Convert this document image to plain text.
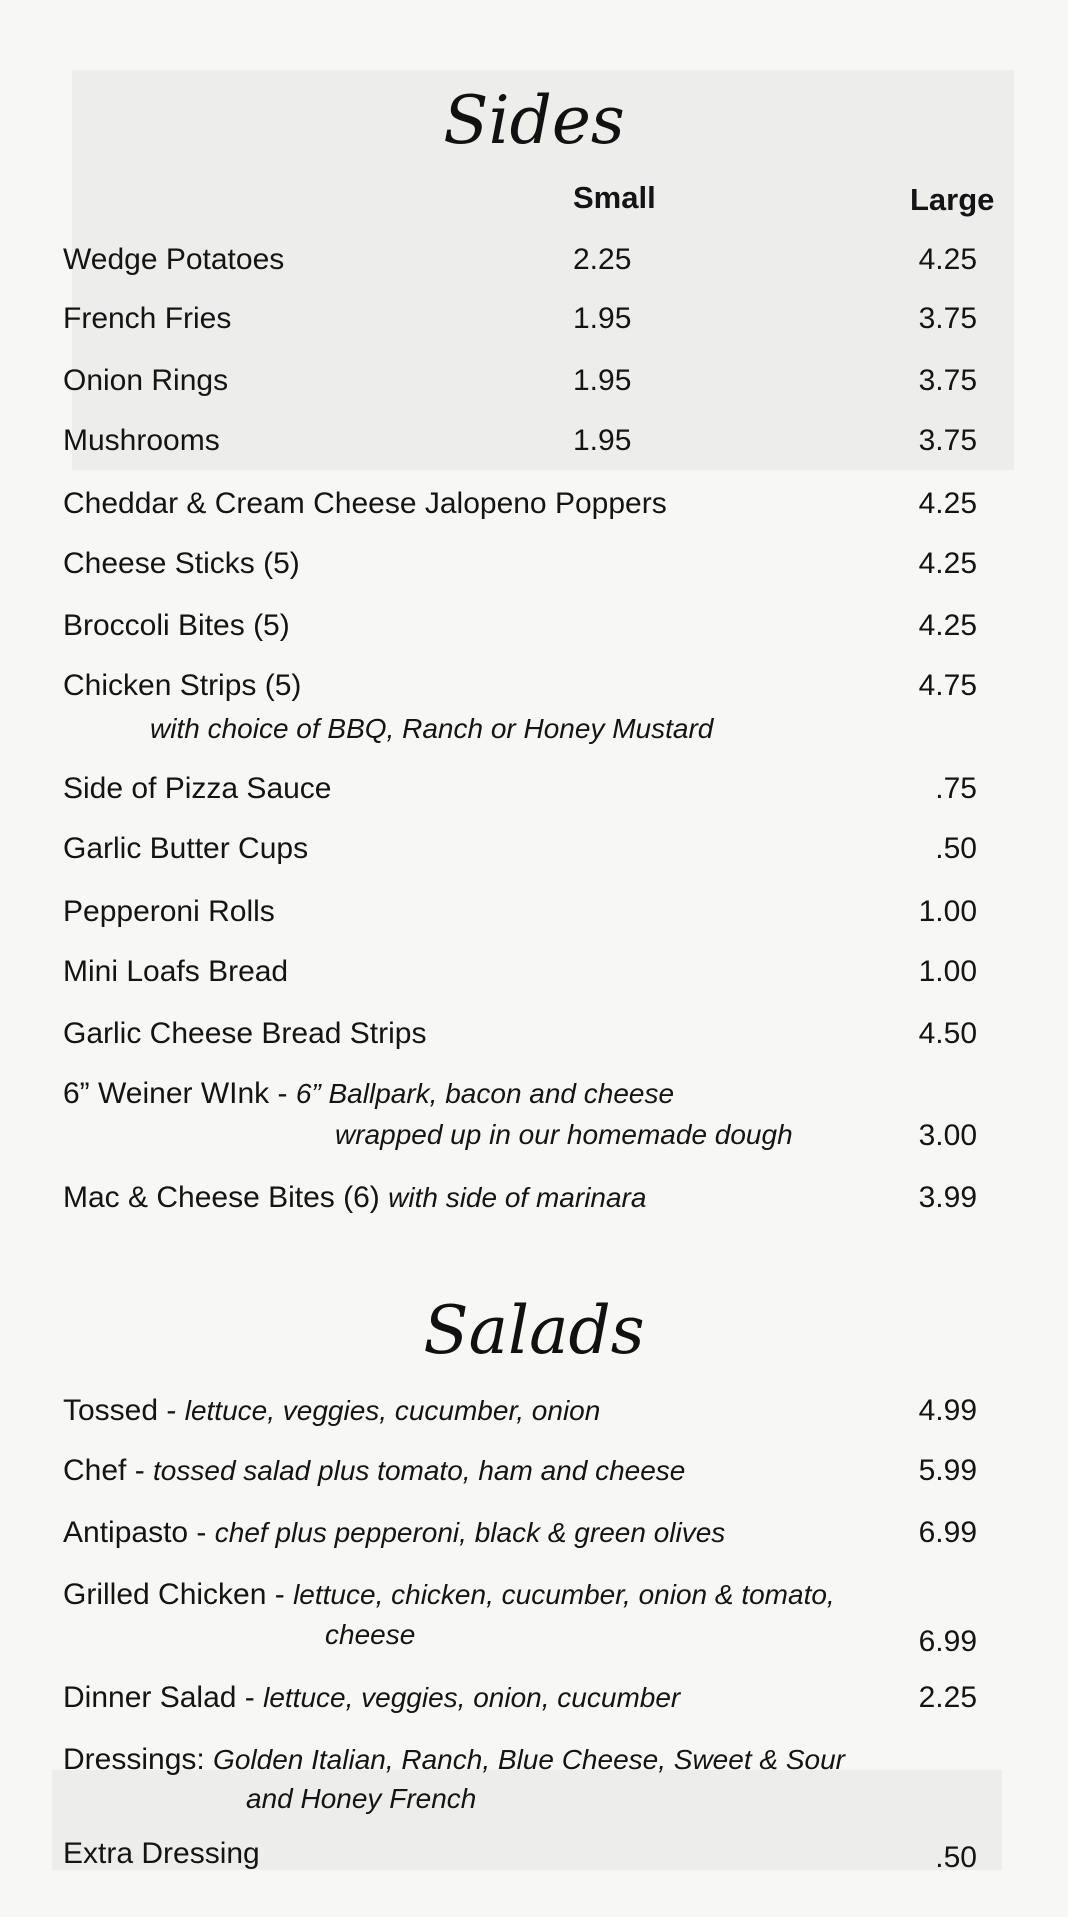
Sides
Small	Large
Wedge Potatoes	2.25	4.25
French Fries	1.95	3.75
Onion Rings	1.95	3.75
Mushrooms	1.95	3.75
Cheddar & Cream Cheese Jalopeno Poppers	4.25
Cheese Sticks (5)	4.25
Broccoli Bites (5)	4.25
Chicken Strips (5)	4.75
with choice of BBQ, Ranch or Honey Mustard
Side of Pizza Sauce	.75
Garlic Butter Cups	.50
Pepperoni Rolls	1.00
Mini Loafs Bread	1.00
Garlic Cheese Bread Strips	4.50
6” Weiner WInk - 6” Ballpark, bacon and cheese
wrapped up in our homemade dough	3.00
Mac & Cheese Bites (6) with side of marinara	3.99
Salads
Tossed - lettuce, veggies, cucumber, onion	4.99
Chef - tossed salad plus tomato, ham and cheese	5.99
Antipasto - chef plus pepperoni, black & green olives	6.99
Grilled Chicken - lettuce, chicken, cucumber, onion & tomato,
cheese	6.99
Dinner Salad - lettuce, veggies, onion, cucumber	2.25
Dressings: Golden Italian, Ranch, Blue Cheese, Sweet & Sour
and Honey French
Extra Dressing	.50
